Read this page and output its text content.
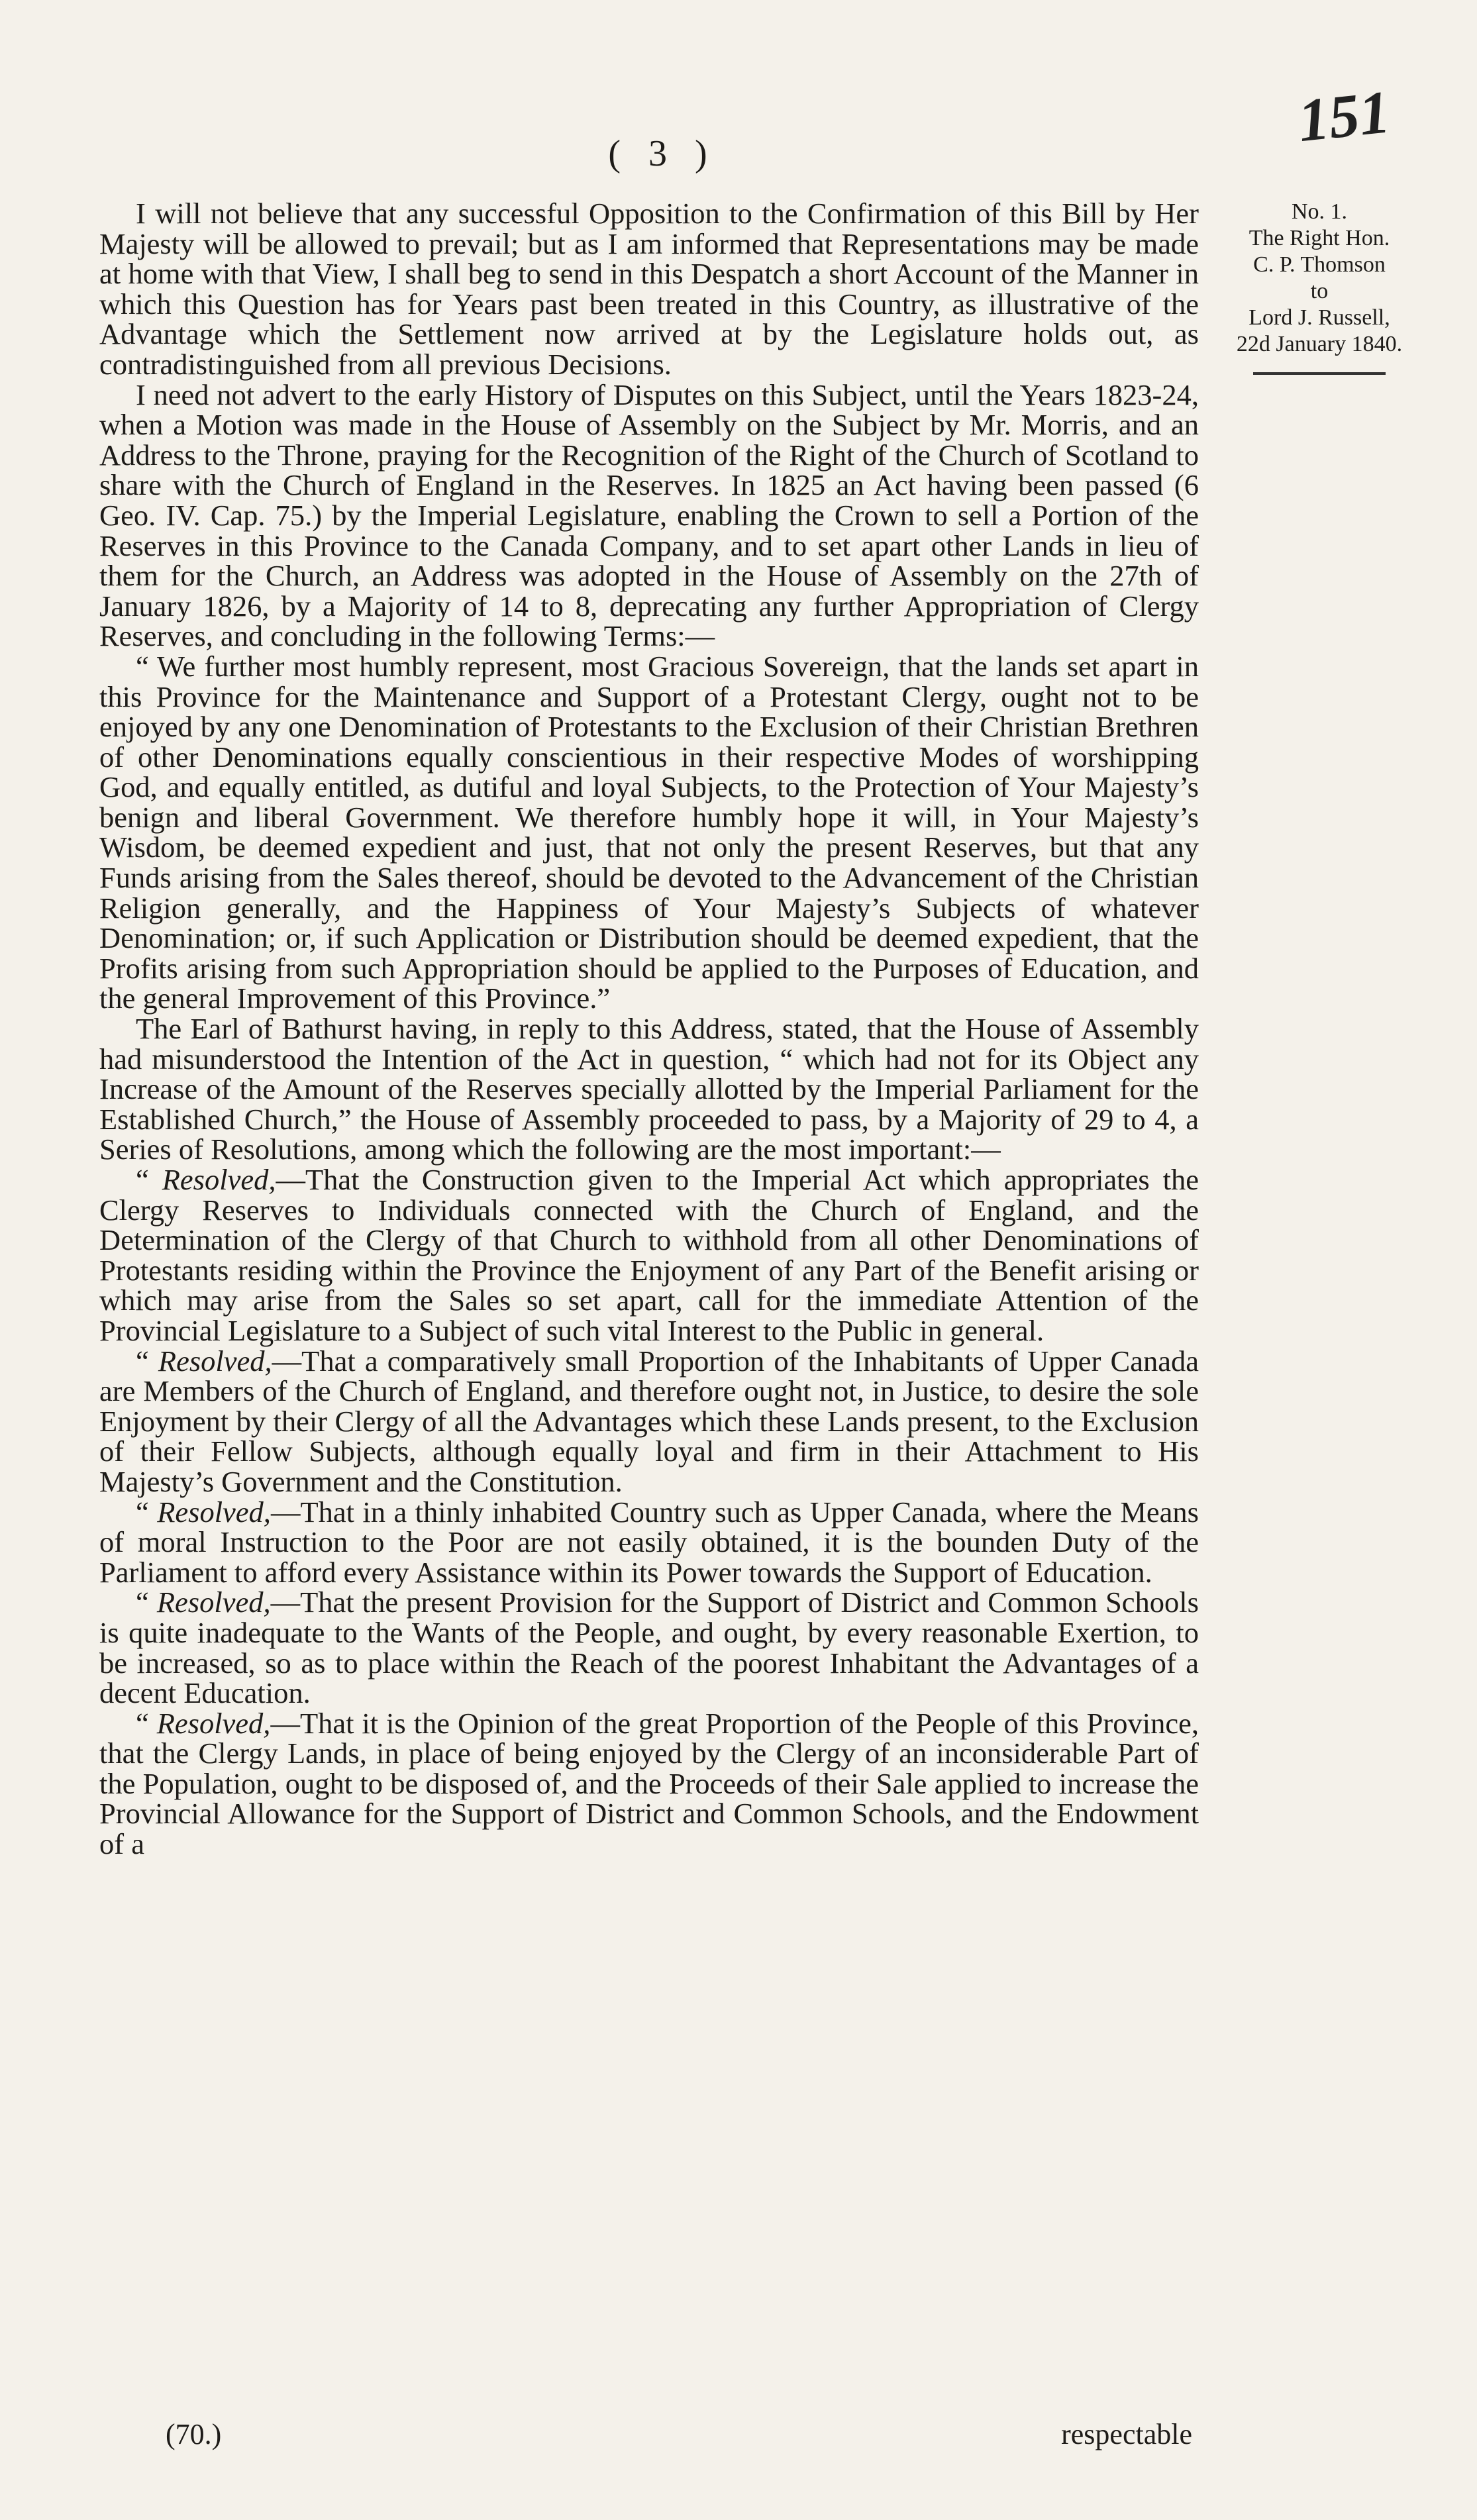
151
( 3 )

I will not believe that any successful Opposition to the Confirmation of this Bill by Her Majesty will be allowed to prevail; but as I am informed that Representations may be made at home with that View, I shall beg to send in this Despatch a short Account of the Manner in which this Question has for Years past been treated in this Country, as illustrative of the Advantage which the Settlement now arrived at by the Legislature holds out, as contradistinguished from all previous Decisions.

I need not advert to the early History of Disputes on this Subject, until the Years 1823-24, when a Motion was made in the House of Assembly on the Subject by Mr. Morris, and an Address to the Throne, praying for the Recognition of the Right of the Church of Scotland to share with the Church of England in the Reserves. In 1825 an Act having been passed (6 Geo. IV. Cap. 75.) by the Imperial Legislature, enabling the Crown to sell a Portion of the Reserves in this Province to the Canada Company, and to set apart other Lands in lieu of them for the Church, an Address was adopted in the House of Assembly on the 27th of January 1826, by a Majority of 14 to 8, deprecating any further Appropriation of Clergy Reserves, and concluding in the following Terms:—

“ We further most humbly represent, most Gracious Sovereign, that the lands set apart in this Province for the Maintenance and Support of a Protestant Clergy, ought not to be enjoyed by any one Denomination of Protestants to the Exclusion of their Christian Brethren of other Denominations equally conscientious in their respective Modes of worshipping God, and equally entitled, as dutiful and loyal Subjects, to the Protection of Your Majesty’s benign and liberal Government. We therefore humbly hope it will, in Your Majesty’s Wisdom, be deemed expedient and just, that not only the present Reserves, but that any Funds arising from the Sales thereof, should be devoted to the Advancement of the Christian Religion generally, and the Happiness of Your Majesty’s Subjects of whatever Denomination; or, if such Application or Distribution should be deemed expedient, that the Profits arising from such Appropriation should be applied to the Purposes of Education, and the general Improvement of this Province.”

The Earl of Bathurst having, in reply to this Address, stated, that the House of Assembly had misunderstood the Intention of the Act in question, “ which had not for its Object any Increase of the Amount of the Reserves specially allotted by the Imperial Parliament for the Established Church,” the House of Assembly proceeded to pass, by a Majority of 29 to 4, a Series of Resolutions, among which the following are the most important:—

“ Resolved,—That the Construction given to the Imperial Act which appropriates the Clergy Reserves to Individuals connected with the Church of England, and the Determination of the Clergy of that Church to withhold from all other Denominations of Protestants residing within the Province the Enjoyment of any Part of the Benefit arising or which may arise from the Sales so set apart, call for the immediate Attention of the Provincial Legislature to a Subject of such vital Interest to the Public in general.

“ Resolved,—That a comparatively small Proportion of the Inhabitants of Upper Canada are Members of the Church of England, and therefore ought not, in Justice, to desire the sole Enjoyment by their Clergy of all the Advantages which these Lands present, to the Exclusion of their Fellow Subjects, although equally loyal and firm in their Attachment to His Majesty’s Government and the Constitution.

“ Resolved,—That in a thinly inhabited Country such as Upper Canada, where the Means of moral Instruction to the Poor are not easily obtained, it is the bounden Duty of the Parliament to afford every Assistance within its Power towards the Support of Education.

“ Resolved,—That the present Provision for the Support of District and Common Schools is quite inadequate to the Wants of the People, and ought, by every reasonable Exertion, to be increased, so as to place within the Reach of the poorest Inhabitant the Advantages of a decent Education.

“ Resolved,—That it is the Opinion of the great Proportion of the People of this Province, that the Clergy Lands, in place of being enjoyed by the Clergy of an inconsiderable Part of the Population, ought to be disposed of, and the Proceeds of their Sale applied to increase the Provincial Allowance for the Support of District and Common Schools, and the Endowment of a

No. 1.
The Right Hon.
C. P. Thomson
to
Lord J. Russell,
22d January 1840.
(70.)	respectable
